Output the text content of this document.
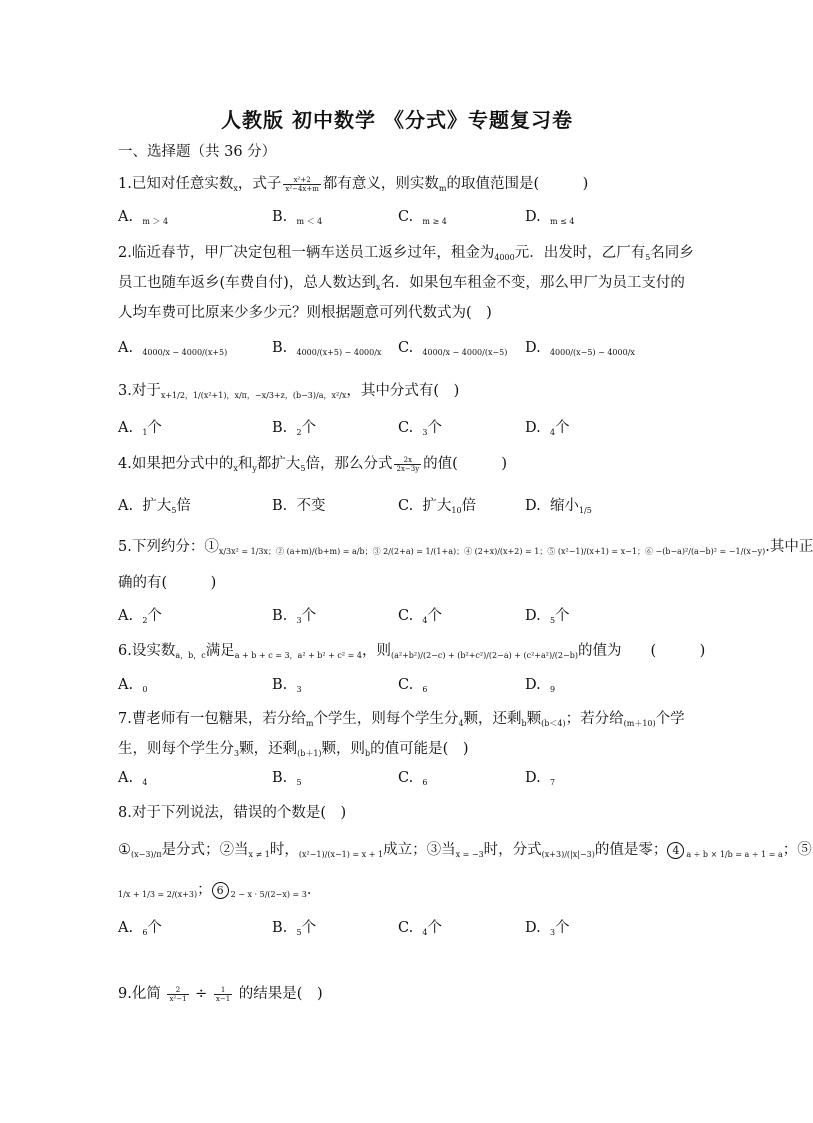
人教版 初中数学 《分式》专题复习卷
一、选择题（共 36 分）
1.已知对任意实数$_x$，式子 $\frac{\text{x²+2}}{\text{x²−4x+m}}$ 都有意义，则实数$_m$的取值范围是(　　　)
A. $_{m > 4}$	B. $_{m < 4}$	C. $_{m \ge 4}$	D. $_{m \le 4}$
2.临近春节，甲厂决定包租一辆车送员工返乡过年，租金为$_{4000}$元．出发时，乙厂有$_5$名同乡
员工也随车返乡(车费自付)，总人数达到$_x$名．如果包车租金不变，那么甲厂为员工支付的
人均车费可比原来少多少元？则根据题意可列代数式为(　)
A. $_{4000/x - 4000/(x+5)}$	B. $_{4000/(x+5) - 4000/x}$ C. $_{4000/x - 4000/(x-5)}$ D. $_{4000/(x-5) - 4000/x}$
3.对于$_{x+1/2,1/(x^2+1),x/\pi,-x/3+z,(b-3)/a,x^2/x}$，其中分式有(　)
A. $_1$个	B. $_2$个	C. $_3$个	D. $_4$个
4.如果把分式中的$_x$和$_y$都扩大$_5$倍，那么分式 $\frac{2x}{2x-3y}$ 的值(　　　)
A. 扩大$_5$倍	B. 不变	C. 扩大$_{10}$倍	D. 缩小$_{1/5}$
5.下列约分：$①_{x/3x^2 = 1/3x;② (a+m)/(b+m) = a/b;③ 2/(2+a) = 1/(1+a);④ (2+x)/(x+2) = 1;⑤ (x^2-1)/(x+1) = x-1;⑥ -(b-a)^2/(a-b)^2 = -1/(x-y)}$.其中正
确的有(　　　)
A. $_2$个	B. $_3$个	C. $_4$个	D. $_5$个
6.设实数$_{a,b,c}$满足$_{a + b + c = 3,a^2 + b^2 + c^2 = 4}$，则$_{(a^2+b^2)/(2-c) + (b^2+c^2)/(2-a) + (c^2+a^2)/(2-b)}$的值为　　(　　　)
A. $_0$	B. $_3$	C. $_6$	D. $_9$
7.曹老师有一包糖果，若分给$_m$个学生，则每个学生分$_4$颗，还剩$_b$颗$_{(b<4)}$；若分给$_{(m+10)}$个学
生，则每个学生分$_3$颗，还剩$_{(b+1)}$颗，则$_b$的值可能是(　)
A. $_4$	B. $_5$	C. $_6$	D. $_7$
8.对于下列说法，错误的个数是(　)
$①_{(x-3)/\pi}$是分式；②当$_{x \ne 1}$时，$_{(x^2-1)/(x-1) = x + 1}$成立；③当$_{x = -3}$时，分式$_{(x+3)/(|x|-3)}$的值是零； 4 $_{a \div b \times 1/b = a \div 1 = a}$；⑤
$_{1/x + 1/3 = 2/(x+3)}$； 6 $_{2 - x \cdot 5/(2-x) = 3}$．
A. $_6$个	B. $_5$个	C. $_4$个	D. $_3$个
9.化简 $\frac{2}{\text{x²−1}} \div \frac{1}{x-1}$ 的结果是(　)
